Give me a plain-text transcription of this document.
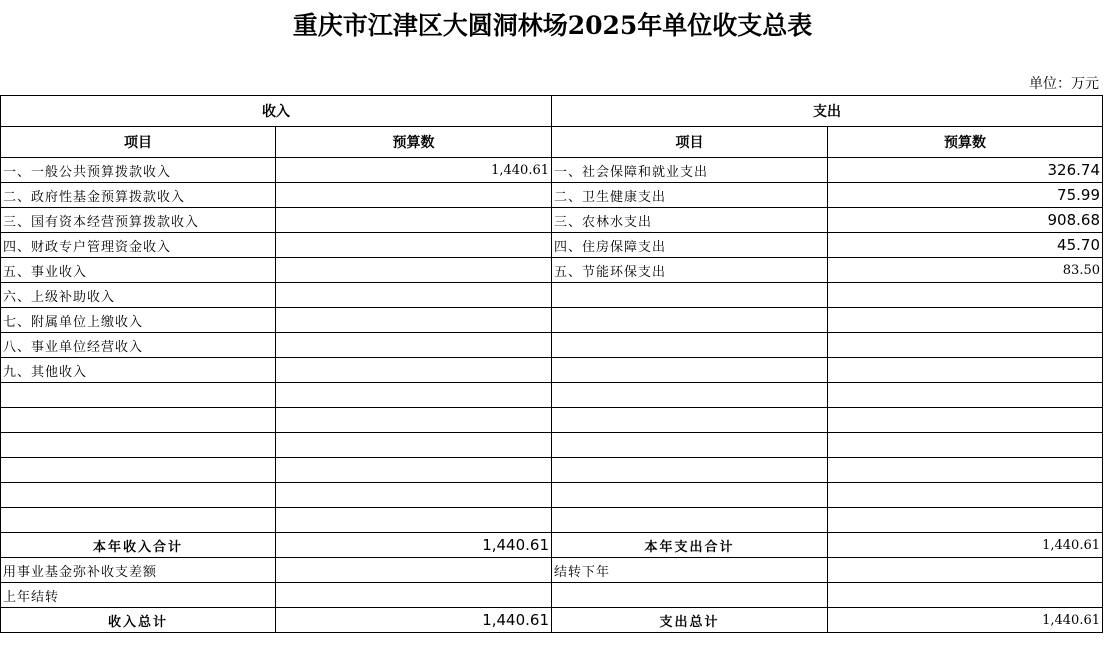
重庆市江津区大圆洞林场2025年单位收支总表
单位：万元
收入		支出	
项目	预算数	项目	预算数
一、一般公共预算拨款收入	1,440.61	一、社会保障和就业支出	326.74
二、政府性基金预算拨款收入		二、卫生健康支出	75.99
三、国有资本经营预算拨款收入		三、农林水支出	908.68
四、财政专户管理资金收入		四、住房保障支出	45.70
五、事业收入		五、节能环保支出	83.50
六、上级补助收入			
七、附属单位上缴收入			
八、事业单位经营收入			
九、其他收入			

本年收入合计	1,440.61	本年支出合计	1,440.61
用事业基金弥补收支差额		结转下年	
上年结转			
收入总计	1,440.61	支出总计	1,440.61
